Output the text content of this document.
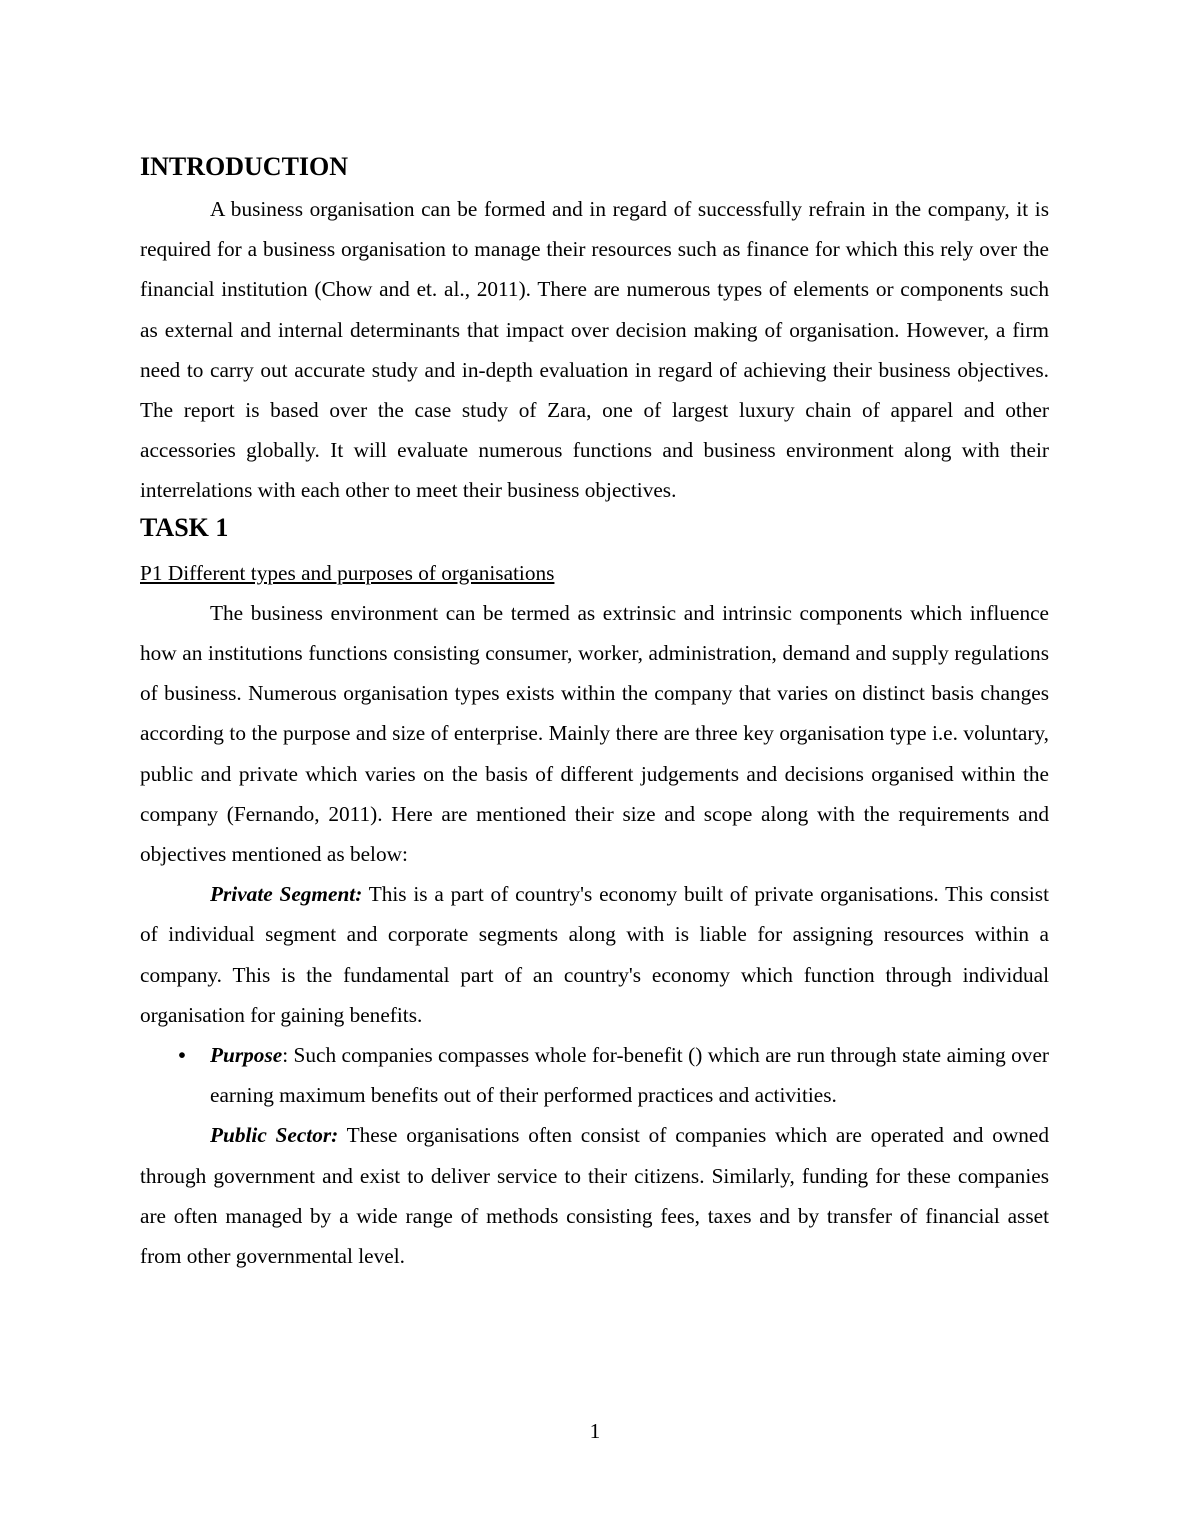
INTRODUCTION

A business organisation can be formed and in regard of successfully refrain in the company, it is required for a business organisation to manage their resources such as finance for which this rely over the financial institution (Chow and et. al., 2011). There are numerous types of elements or components such as external and internal determinants that impact over decision making of organisation. However, a firm need to carry out accurate study and in-depth evaluation in regard of achieving their business objectives. The report is based over the case study of Zara, one of largest luxury chain of apparel and other accessories globally. It will evaluate numerous functions and business environment along with their interrelations with each other to meet their business objectives.

TASK 1

P1 Different types and purposes of organisations

The business environment can be termed as extrinsic and intrinsic components which influence how an institutions functions consisting consumer, worker, administration, demand and supply regulations of business. Numerous organisation types exists within the company that varies on distinct basis changes according to the purpose and size of enterprise. Mainly there are three key organisation type i.e. voluntary, public and private which varies on the basis of different judgements and decisions organised within the company (Fernando, 2011). Here are mentioned their size and scope along with the requirements and objectives mentioned as below:

Private Segment: This is a part of country's economy built of private organisations. This consist of individual segment and corporate segments along with is liable for assigning resources within a company. This is the fundamental part of an country's economy which function through individual organisation for gaining benefits.

• Purpose: Such companies compasses whole for-benefit () which are run through state aiming over earning maximum benefits out of their performed practices and activities.

Public Sector: These organisations often consist of companies which are operated and owned through government and exist to deliver service to their citizens. Similarly, funding for these companies are often managed by a wide range of methods consisting fees, taxes and by transfer of financial asset from other governmental level.

1
